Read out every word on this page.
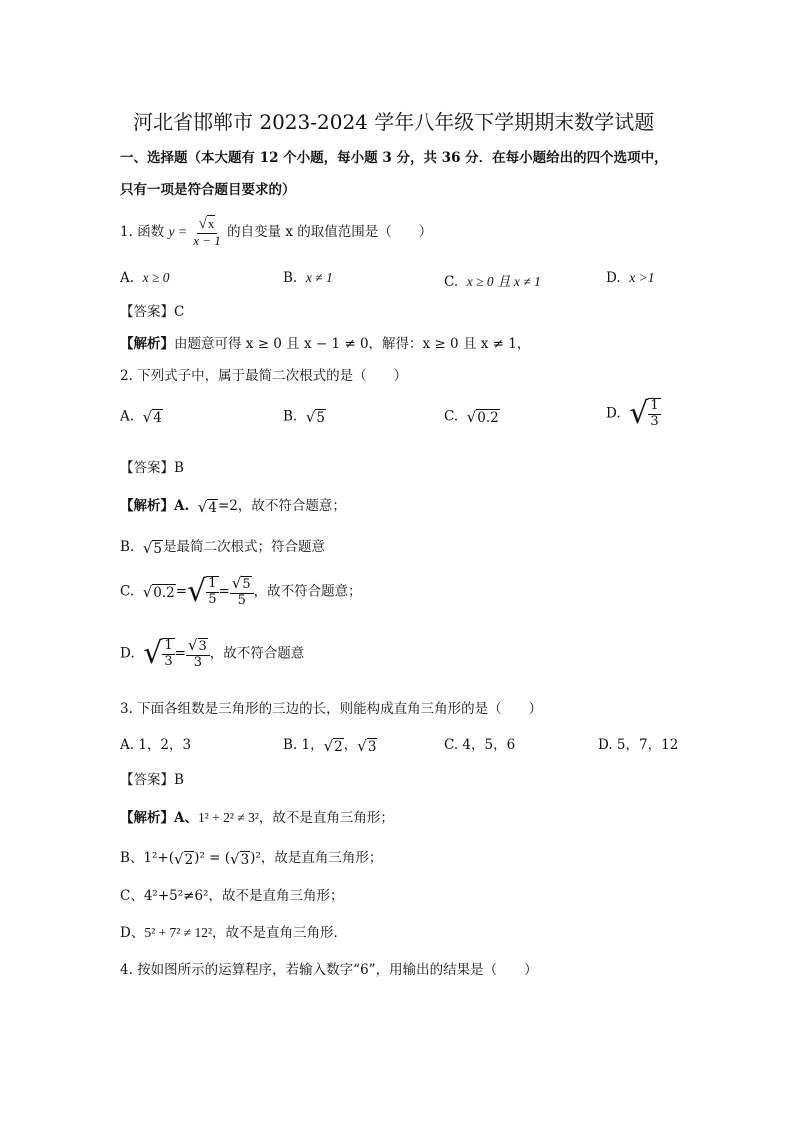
河北省邯郸市 2023-2024 学年八年级下学期期末数学试题
一、选择题（本大题有 12 个小题，每小题 3 分，共 36 分．在每小题给出的四个选项中，
只有一项是符合题目要求的）
1. 函数 $y = \frac{√x}{x - 1}$ 的自变量 x 的取值范围是（　　）
A. x ≥ 0	B. x ≠ 1	C. x ≥ 0 且 x ≠ 1	D. x >1
【答案】C
【解析】由题意可得 x ≥ 0 且 x − 1 ≠ 0，解得：x ≥ 0 且 x ≠ 1，
2. 下列式子中，属于最简二次根式的是（　　）
A. √4	B. √5	C. √0.2	D. √ $\frac{1}{3}$
【答案】B
【解析】A. √4=2，故不符合题意；
B. √5是最简二次根式；符合题意
C. √0.2= √ $\frac{1}{5} = \frac{√5}{5}$ ，故不符合题意；
D. √ $\frac{1}{3} = \frac{√3}{3}$ ，故不符合题意
3. 下面各组数是三角形的三边的长，则能构成直角三角形的是（　　）
A. 1，2，3	B. 1，√2，√3	C. 4，5，6	D. 5，7，12
【答案】B
【解析】A、1² + 2² ≠ 3²，故不是直角三角形；
B、1²+(√2)² = (√3)²，故是直角三角形；
C、4²+5²≠6²，故不是直角三角形；
D、5² + 7² ≠ 12²，故不是直角三角形．
4. 按如图所示的运算程序，若输入数字“6”，用输出的结果是（　　）
